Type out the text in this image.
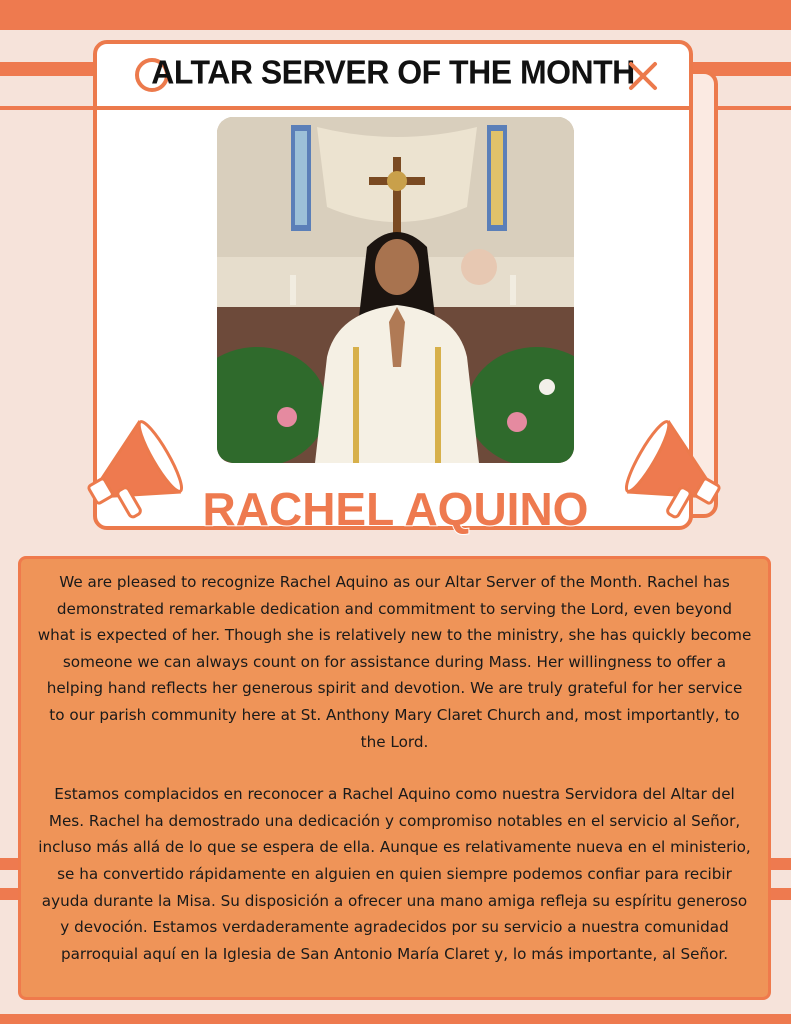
ALTAR SERVER OF THE MONTH
RACHEL AQUINO

We are pleased to recognize Rachel Aquino as our Altar Server of the Month. Rachel has demonstrated remarkable dedication and commitment to serving the Lord, even beyond what is expected of her. Though she is relatively new to the ministry, she has quickly become someone we can always count on for assistance during Mass. Her willingness to offer a helping hand reflects her generous spirit and devotion. We are truly grateful for her service to our parish community here at St. Anthony Mary Claret Church and, most importantly, to the Lord.

Estamos complacidos en reconocer a Rachel Aquino como nuestra Servidora del Altar del Mes. Rachel ha demostrado una dedicación y compromiso notables en el servicio al Señor, incluso más allá de lo que se espera de ella. Aunque es relativamente nueva en el ministerio, se ha convertido rápidamente en alguien en quien siempre podemos confiar para recibir ayuda durante la Misa. Su disposición a ofrecer una mano amiga refleja su espíritu generoso y devoción. Estamos verdaderamente agradecidos por su servicio a nuestra comunidad parroquial aquí en la Iglesia de San Antonio María Claret y, lo más importante, al Señor.
